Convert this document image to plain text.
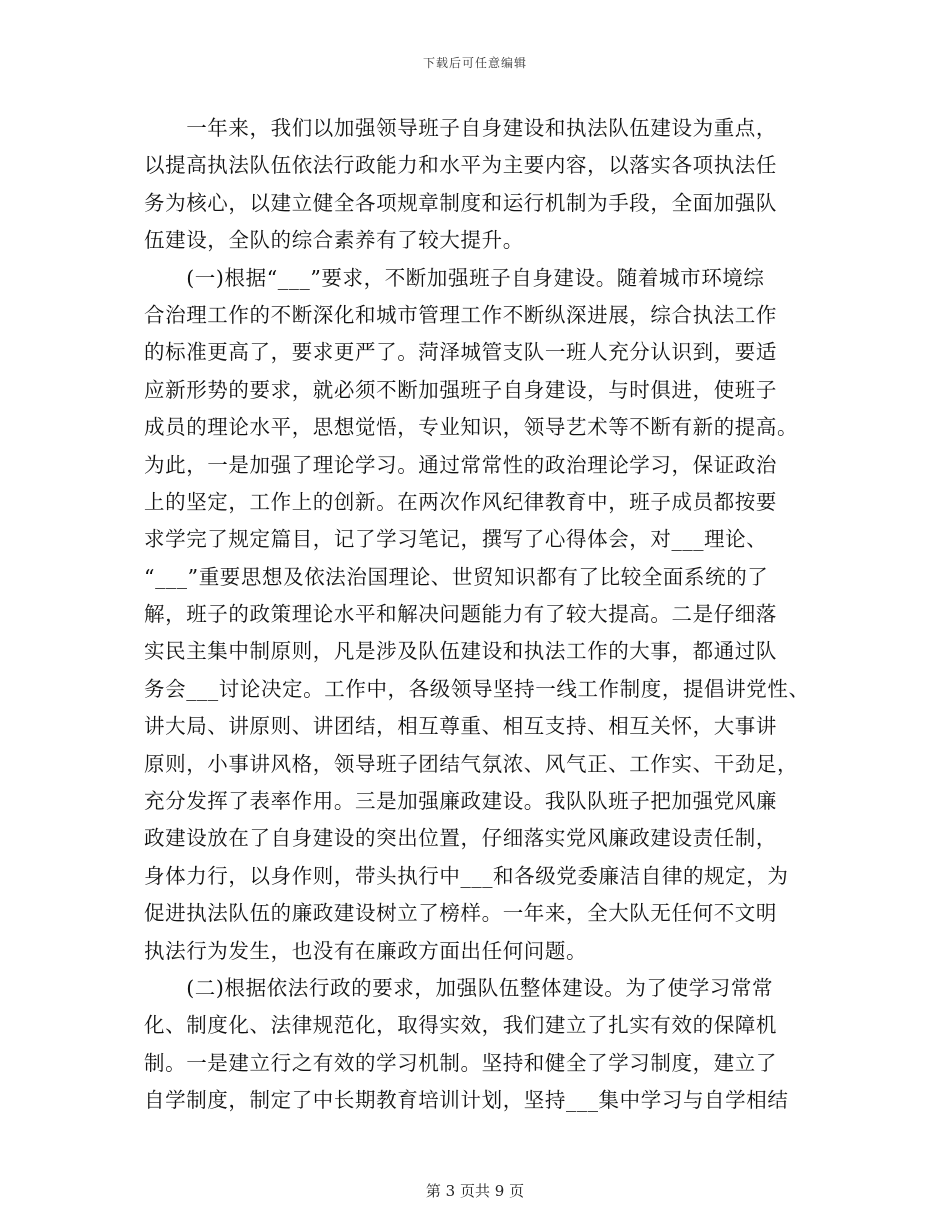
下载后可任意编辑
　　一年来，我们以加强领导班子自身建设和执法队伍建设为重点，
以提高执法队伍依法行政能力和水平为主要内容，以落实各项执法任
务为核心，以建立健全各项规章制度和运行机制为手段，全面加强队
伍建设，全队的综合素养有了较大提升。
　　(一)根据“___”要求，不断加强班子自身建设。随着城市环境综
合治理工作的不断深化和城市管理工作不断纵深进展，综合执法工作
的标准更高了，要求更严了。菏泽城管支队一班人充分认识到，要适
应新形势的要求，就必须不断加强班子自身建设，与时俱进，使班子
成员的理论水平，思想觉悟，专业知识，领导艺术等不断有新的提高。
为此，一是加强了理论学习。通过常常性的政治理论学习，保证政治
上的坚定，工作上的创新。在两次作风纪律教育中，班子成员都按要
求学完了规定篇目，记了学习笔记，撰写了心得体会，对___理论、
“___”重要思想及依法治国理论、世贸知识都有了比较全面系统的了
解，班子的政策理论水平和解决问题能力有了较大提高。二是仔细落
实民主集中制原则，凡是涉及队伍建设和执法工作的大事，都通过队
务会___讨论决定。工作中，各级领导坚持一线工作制度，提倡讲党性、
讲大局、讲原则、讲团结，相互尊重、相互支持、相互关怀，大事讲
原则，小事讲风格，领导班子团结气氛浓、风气正、工作实、干劲足，
充分发挥了表率作用。三是加强廉政建设。我队队班子把加强党风廉
政建设放在了自身建设的突出位置，仔细落实党风廉政建设责任制，
身体力行，以身作则，带头执行中___和各级党委廉洁自律的规定，为
促进执法队伍的廉政建设树立了榜样。一年来，全大队无任何不文明
执法行为发生，也没有在廉政方面出任何问题。
　　(二)根据依法行政的要求，加强队伍整体建设。为了使学习常常
化、制度化、法律规范化，取得实效，我们建立了扎实有效的保障机
制。一是建立行之有效的学习机制。坚持和健全了学习制度，建立了
自学制度，制定了中长期教育培训计划，坚持___集中学习与自学相结
第 3 页共 9 页
